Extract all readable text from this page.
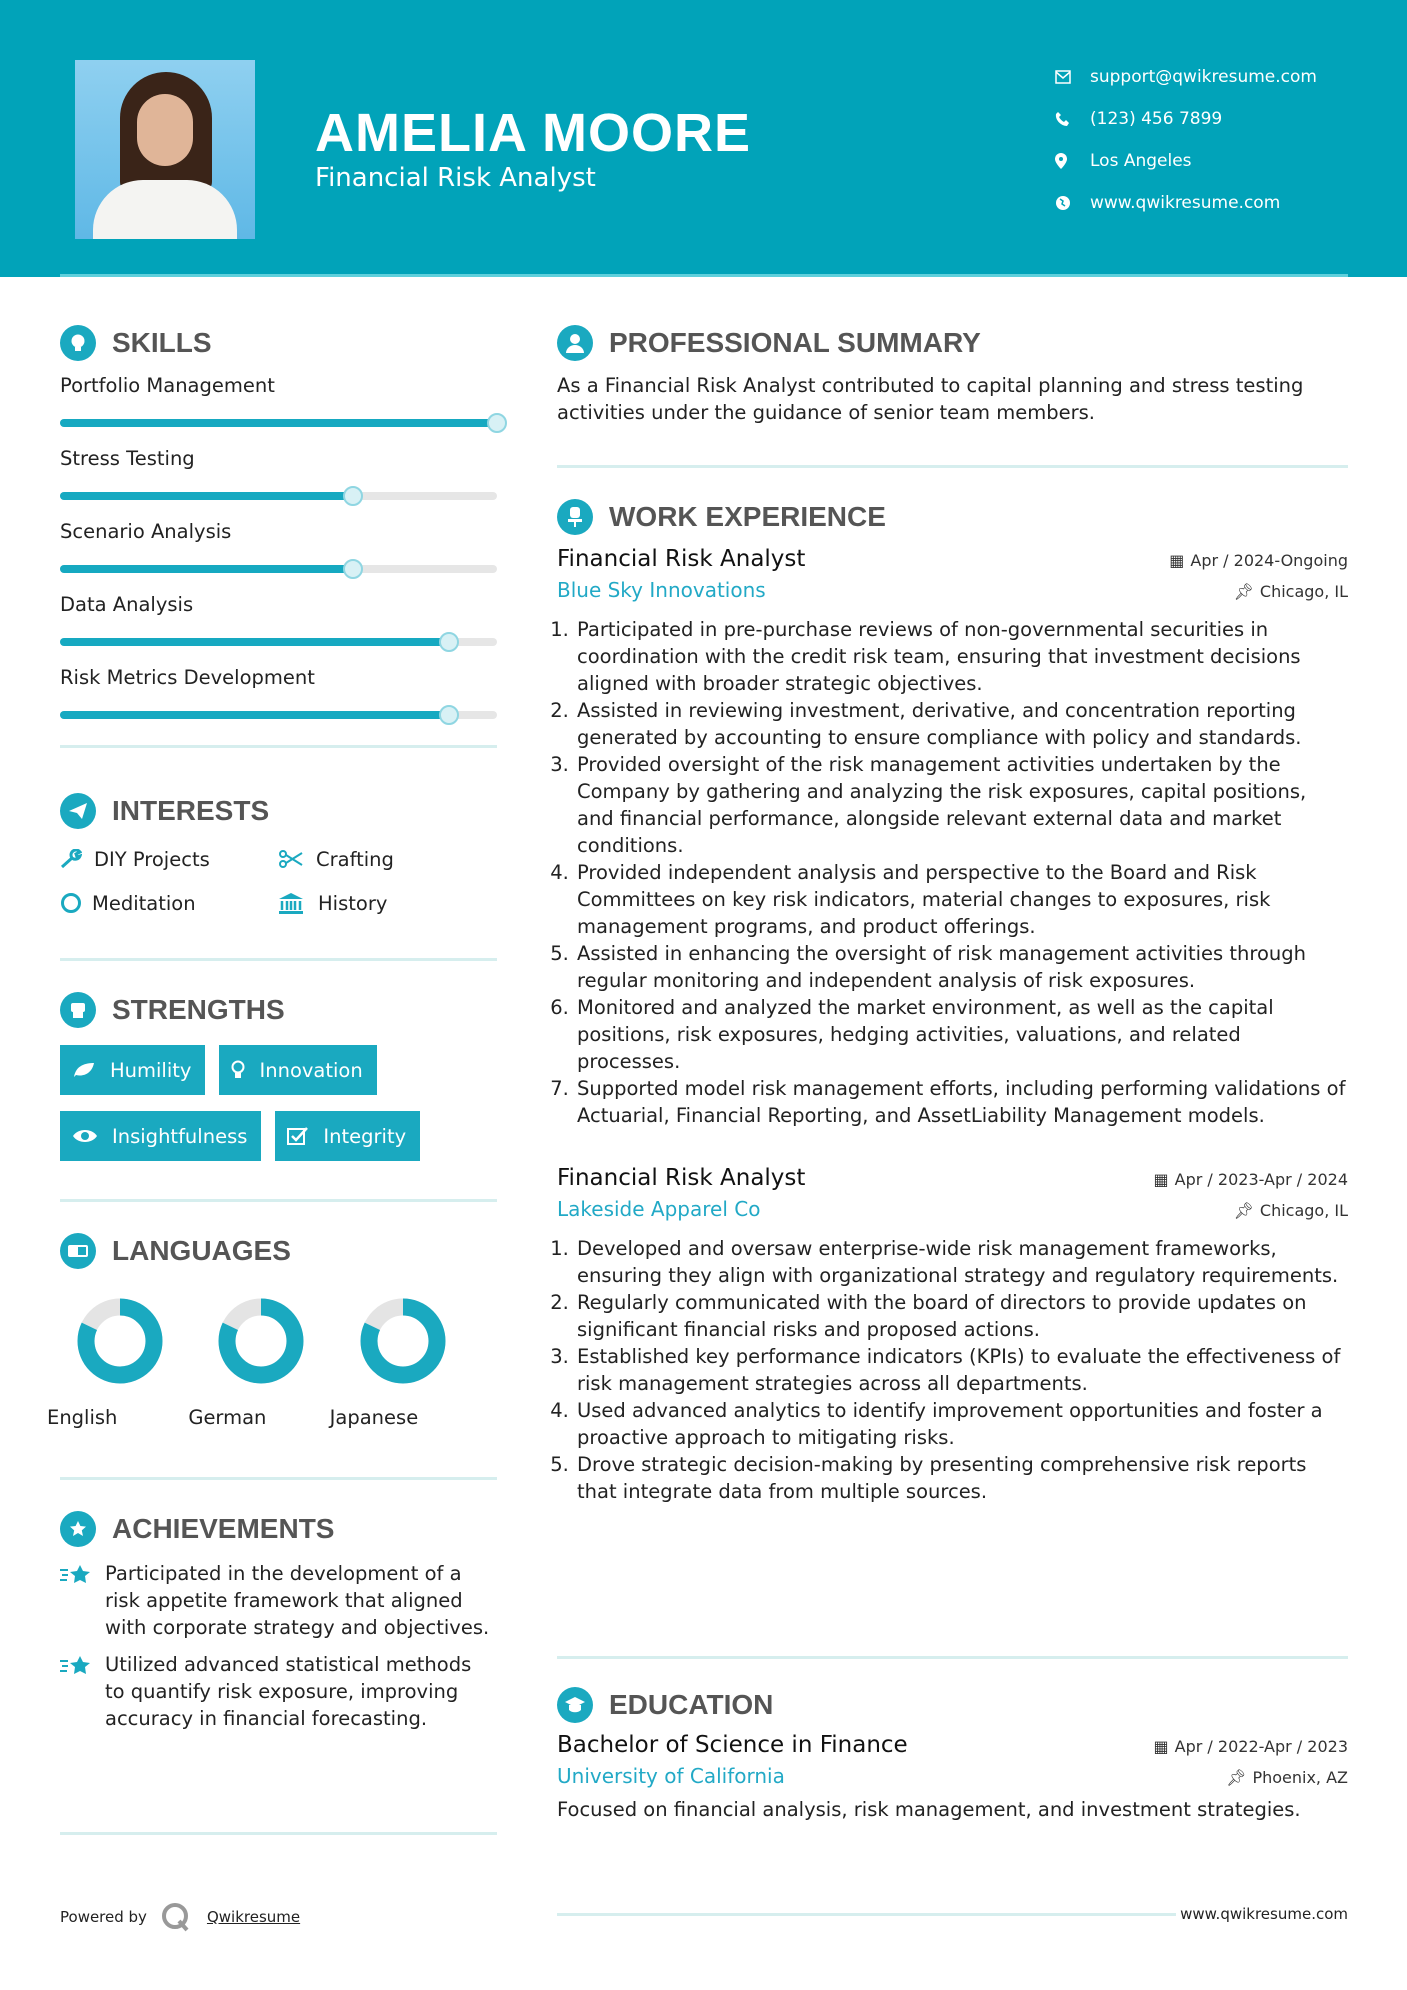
AMELIA MOORE
Financial Risk Analyst
support@qwikresume.com
(123) 456 7899
Los Angeles
www.qwikresume.com
SKILLS
Portfolio Management
Stress Testing
Scenario Analysis
Data Analysis
Risk Metrics Development
INTERESTS
DIY Projects	Crafting
Meditation	History
STRENGTHS
Humility	Innovation
Insightfulness	Integrity
LANGUAGES
English	German	Japanese
ACHIEVEMENTS
Participated in the development of a risk appetite framework that aligned with corporate strategy and objectives.
Utilized advanced statistical methods to quantify risk exposure, improving accuracy in financial forecasting.
PROFESSIONAL SUMMARY

As a Financial Risk Analyst contributed to capital planning and stress testing activities under the guidance of senior team members.

WORK EXPERIENCE
Financial Risk Analyst	▦ Apr / 2024-Ongoing
Blue Sky Innovations	📌︎ Chicago, IL
1. Participated in pre-purchase reviews of non-governmental securities in coordination with the credit risk team, ensuring that investment decisions aligned with broader strategic objectives.
2. Assisted in reviewing investment, derivative, and concentration reporting generated by accounting to ensure compliance with policy and standards.
3. Provided oversight of the risk management activities undertaken by the Company by gathering and analyzing the risk exposures, capital positions, and financial performance, alongside relevant external data and market conditions.
4. Provided independent analysis and perspective to the Board and Risk Committees on key risk indicators, material changes to exposures, risk management programs, and product offerings.
5. Assisted in enhancing the oversight of risk management activities through regular monitoring and independent analysis of risk exposures.
6. Monitored and analyzed the market environment, as well as the capital positions, risk exposures, hedging activities, valuations, and related processes.
7. Supported model risk management efforts, including performing validations of Actuarial, Financial Reporting, and AssetLiability Management models.
Financial Risk Analyst	▦ Apr / 2023-Apr / 2024
Lakeside Apparel Co	📌︎ Chicago, IL
1. Developed and oversaw enterprise-wide risk management frameworks, ensuring they align with organizational strategy and regulatory requirements.
2. Regularly communicated with the board of directors to provide updates on significant financial risks and proposed actions.
3. Established key performance indicators (KPIs) to evaluate the effectiveness of risk management strategies across all departments.
4. Used advanced analytics to identify improvement opportunities and foster a proactive approach to mitigating risks.
5. Drove strategic decision-making by presenting comprehensive risk reports that integrate data from multiple sources.
EDUCATION
Bachelor of Science in Finance	▦ Apr / 2022-Apr / 2023
University of California	📌︎ Phoenix, AZ

Focused on financial analysis, risk management, and investment strategies.

Powered by	Qwikresume	www.qwikresume.com
